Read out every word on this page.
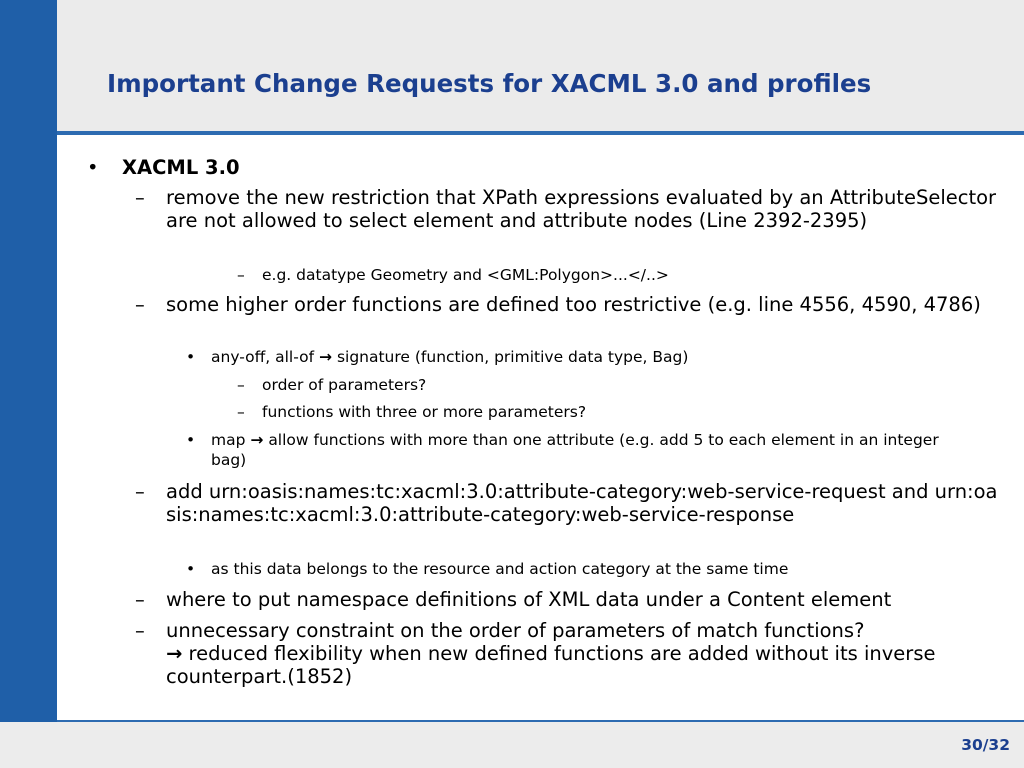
Important Change Requests for XACML 3.0 and profiles
• XACML 3.0
– remove the new restriction that XPath expressions evaluated by an AttributeSelector are not allowed to select element and attribute nodes (Line 2392-2395)
– e.g. datatype Geometry and <GML:Polygon>...</..>
– some higher order functions are defined too restrictive (e.g. line 4556, 4590, 4786)
• any-off, all-of → signature (function, primitive data type, Bag)
– order of parameters?
– functions with three or more parameters?
• map → allow functions with more than one attribute (e.g. add 5 to each element in an integer bag)
– add urn:oasis:names:tc:xacml:3.0:attribute-category:web-service-request and urn:oasis:names:tc:xacml:3.0:attribute-category:web-service-response
• as this data belongs to the resource and action category at the same time
– where to put namespace definitions of XML data under a Content element
– unnecessary constraint on the order of parameters of match functions?
→ reduced flexibility when new defined functions are added without its inverse counterpart.(1852)
30/32
